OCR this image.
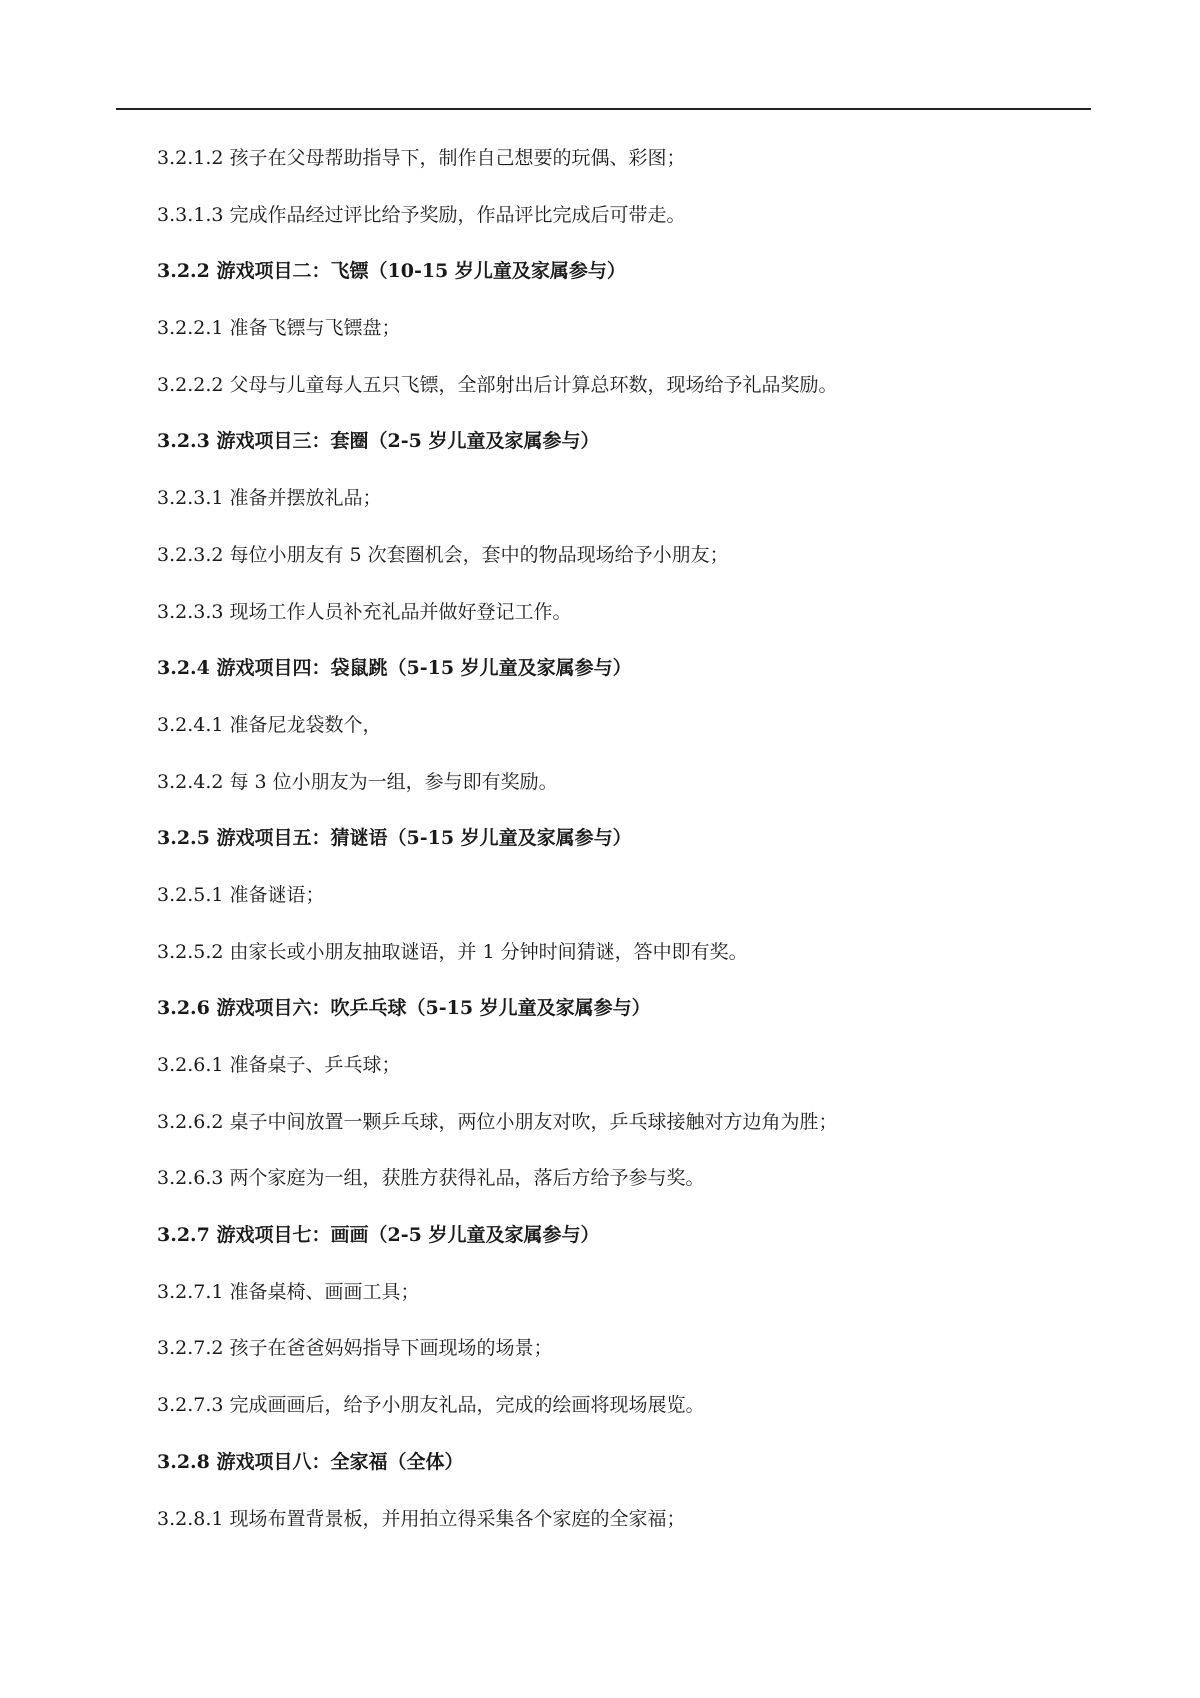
3.2.1.2 孩子在父母帮助指导下，制作自己想要的玩偶、彩图；
3.3.1.3 完成作品经过评比给予奖励，作品评比完成后可带走。
3.2.2 游戏项目二：飞镖（10-15 岁儿童及家属参与）
3.2.2.1 准备飞镖与飞镖盘；
3.2.2.2 父母与儿童每人五只飞镖，全部射出后计算总环数，现场给予礼品奖励。
3.2.3 游戏项目三：套圈（2-5 岁儿童及家属参与）
3.2.3.1 准备并摆放礼品；
3.2.3.2 每位小朋友有 5 次套圈机会，套中的物品现场给予小朋友；
3.2.3.3 现场工作人员补充礼品并做好登记工作。
3.2.4 游戏项目四：袋鼠跳（5-15 岁儿童及家属参与）
3.2.4.1 准备尼龙袋数个，
3.2.4.2 每 3 位小朋友为一组，参与即有奖励。
3.2.5 游戏项目五：猜谜语（5-15 岁儿童及家属参与）
3.2.5.1 准备谜语；
3.2.5.2 由家长或小朋友抽取谜语，并 1 分钟时间猜谜，答中即有奖。
3.2.6 游戏项目六：吹乒乓球（5-15 岁儿童及家属参与）
3.2.6.1 准备桌子、乒乓球；
3.2.6.2 桌子中间放置一颗乒乓球，两位小朋友对吹，乒乓球接触对方边角为胜；
3.2.6.3 两个家庭为一组，获胜方获得礼品，落后方给予参与奖。
3.2.7 游戏项目七：画画（2-5 岁儿童及家属参与）
3.2.7.1 准备桌椅、画画工具；
3.2.7.2 孩子在爸爸妈妈指导下画现场的场景；
3.2.7.3 完成画画后，给予小朋友礼品，完成的绘画将现场展览。
3.2.8 游戏项目八：全家福（全体）
3.2.8.1 现场布置背景板，并用拍立得采集各个家庭的全家福；
